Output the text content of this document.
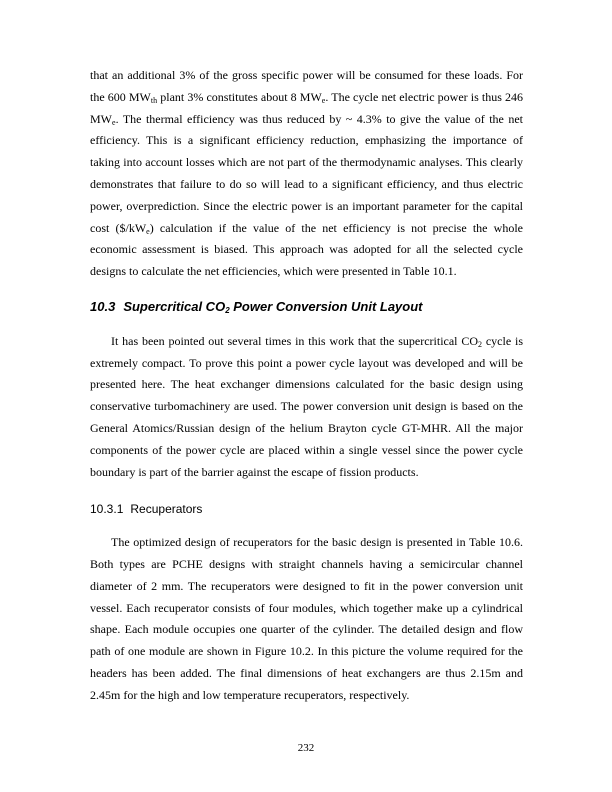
that an additional 3% of the gross specific power will be consumed for these loads. For the 600 $MW_{th}$ plant 3% constitutes about 8 $MW_e$. The cycle net electric power is thus 246 $MW_e$. The thermal efficiency was thus reduced by ~ 4.3% to give the value of the net efficiency. This is a significant efficiency reduction, emphasizing the importance of taking into account losses which are not part of the thermodynamic analyses. This clearly demonstrates that failure to do so will lead to a significant efficiency, and thus electric power, overprediction. Since the electric power is an important parameter for the capital cost $(\$/kW_e)$ calculation if the value of the net efficiency is not precise the whole economic assessment is biased. This approach was adopted for all the selected cycle designs to calculate the net efficiencies, which were presented in Table 10.1.

10.3 Supercritical $CO_2$ Power Conversion Unit Layout

It has been pointed out several times in this work that the supercritical $CO_2$ cycle is extremely compact. To prove this point a power cycle layout was developed and will be presented here. The heat exchanger dimensions calculated for the basic design using conservative turbomachinery are used. The power conversion unit design is based on the General Atomics/Russian design of the helium Brayton cycle GT-MHR. All the major components of the power cycle are placed within a single vessel since the power cycle boundary is part of the barrier against the escape of fission products.

10.3.1 Recuperators

The optimized design of recuperators for the basic design is presented in Table 10.6. Both types are PCHE designs with straight channels having a semicircular channel diameter of 2 mm. The recuperators were designed to fit in the power conversion unit vessel. Each recuperator consists of four modules, which together make up a cylindrical shape. Each module occupies one quarter of the cylinder. The detailed design and flow path of one module are shown in Figure 10.2. In this picture the volume required for the headers has been added. The final dimensions of heat exchangers are thus 2.15m and 2.45m for the high and low temperature recuperators, respectively.

232
